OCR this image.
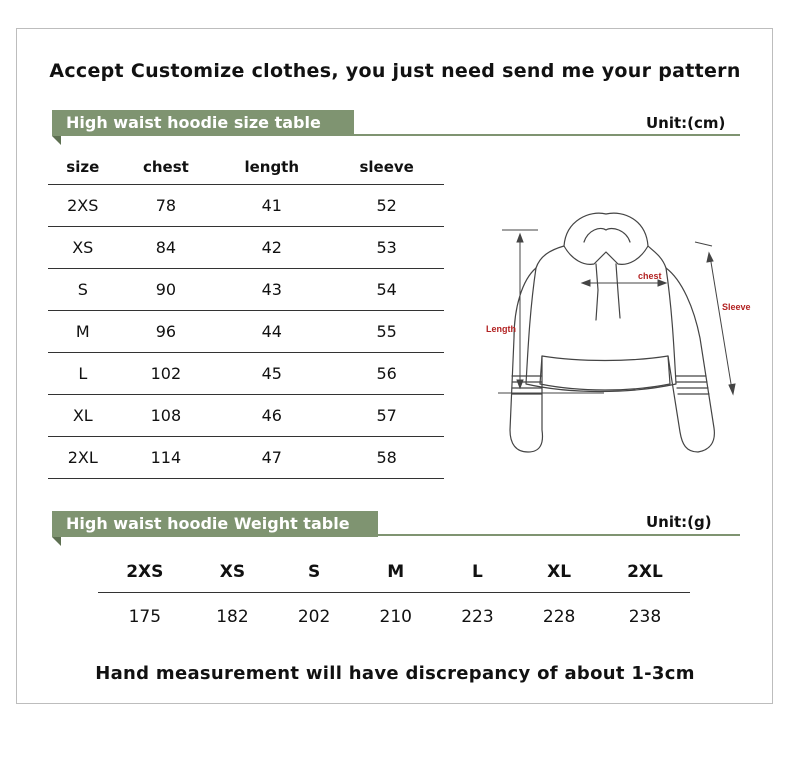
Accept Customize clothes, you just need send me your pattern
High waist hoodie size table	Unit:(cm)
size	chest	length	sleeve
2XS	78	41	52
XS	84	42	53
S	90	43	54
M	96	44	55
L	102	45	56
XL	108	46	57
2XL	114	47	58
chest
Length
Sleeve
High waist hoodie Weight table	Unit:(g)
2XS	XS	S	M	L	XL	2XL
175	182	202	210	223	228	238
Hand measurement will have discrepancy of about 1-3cm
